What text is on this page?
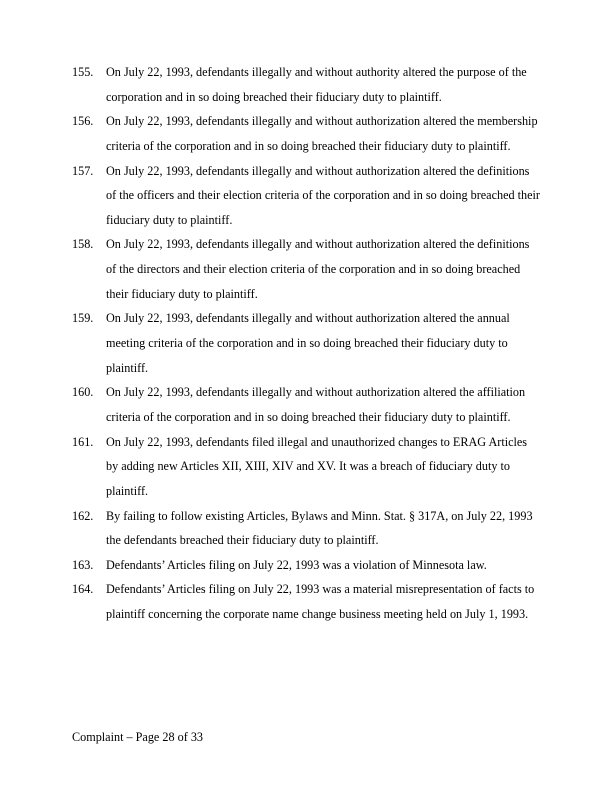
155.	On July 22, 1993, defendants illegally and without authority altered the purpose of the corporation and in so doing breached their fiduciary duty to plaintiff.
156.	On July 22, 1993, defendants illegally and without authorization altered the membership criteria of the corporation and in so doing breached their fiduciary duty to plaintiff.
157.	On July 22, 1993, defendants illegally and without authorization altered the definitions of the officers and their election criteria of the corporation and in so doing breached their fiduciary duty to plaintiff.
158.	On July 22, 1993, defendants illegally and without authorization altered the definitions of the directors and their election criteria of the corporation and in so doing breached their fiduciary duty to plaintiff.
159.	On July 22, 1993, defendants illegally and without authorization altered the annual meeting criteria of the corporation and in so doing breached their fiduciary duty to plaintiff.
160.	On July 22, 1993, defendants illegally and without authorization altered the affiliation criteria of the corporation and in so doing breached their fiduciary duty to plaintiff.
161.	On July 22, 1993, defendants filed illegal and unauthorized changes to ERAG Articles by adding new Articles XII, XIII, XIV and XV. It was a breach of fiduciary duty to plaintiff.
162.	By failing to follow existing Articles, Bylaws and Minn. Stat. § 317A, on July 22, 1993 the defendants breached their fiduciary duty to plaintiff.
163.	Defendants’ Articles filing on July 22, 1993 was a violation of Minnesota law.
164.	Defendants’ Articles filing on July 22, 1993 was a material misrepresentation of facts to plaintiff concerning the corporate name change business meeting held on July 1, 1993.
Complaint – Page 28 of 33
